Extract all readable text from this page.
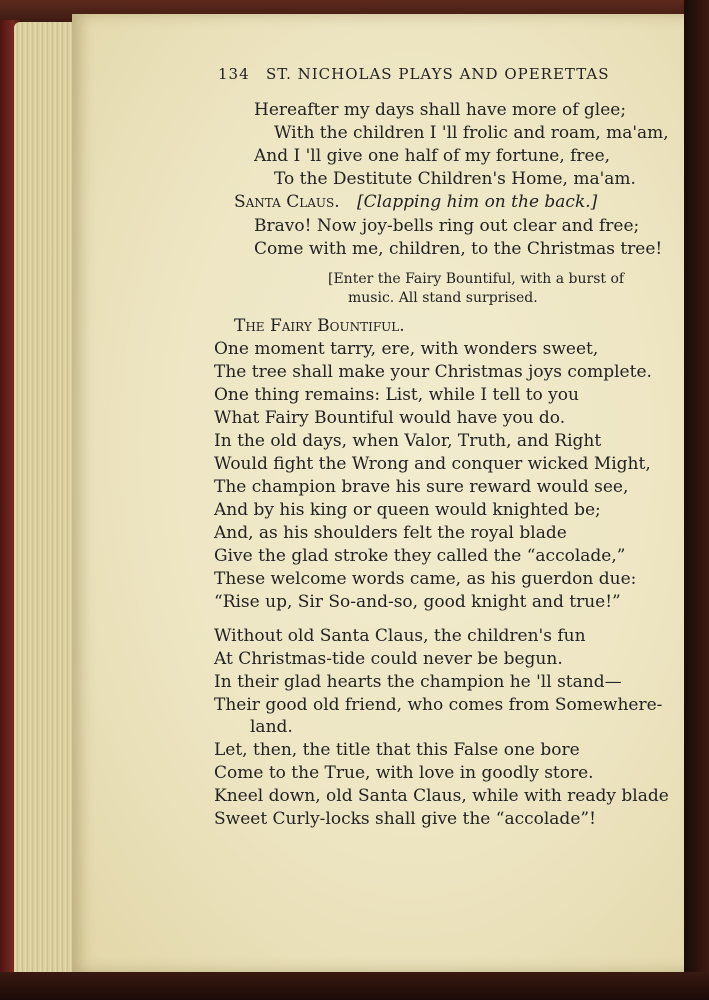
134 ST. NICHOLAS PLAYS AND OPERETTAS
Hereafter my days shall have more of glee;
With the children I 'll frolic and roam, ma'am,
And I 'll give one half of my fortune, free,
To the Destitute Children's Home, ma'am.
Santa Claus. [Clapping him on the back.]
Bravo! Now joy-bells ring out clear and free;
Come with me, children, to the Christmas tree!
[Enter the Fairy Bountiful, with a burst of
music. All stand surprised.
The Fairy Bountiful.
One moment tarry, ere, with wonders sweet,
The tree shall make your Christmas joys complete.
One thing remains: List, while I tell to you
What Fairy Bountiful would have you do.
In the old days, when Valor, Truth, and Right
Would fight the Wrong and conquer wicked Might,
The champion brave his sure reward would see,
And by his king or queen would knighted be;
And, as his shoulders felt the royal blade
Give the glad stroke they called the “accolade,”
These welcome words came, as his guerdon due:
“Rise up, Sir So-and-so, good knight and true!”
Without old Santa Claus, the children's fun
At Christmas-tide could never be begun.
In their glad hearts the champion he 'll stand—
Their good old friend, who comes from Somewhere-
land.
Let, then, the title that this False one bore
Come to the True, with love in goodly store.
Kneel down, old Santa Claus, while with ready blade
Sweet Curly-locks shall give the “accolade”!
